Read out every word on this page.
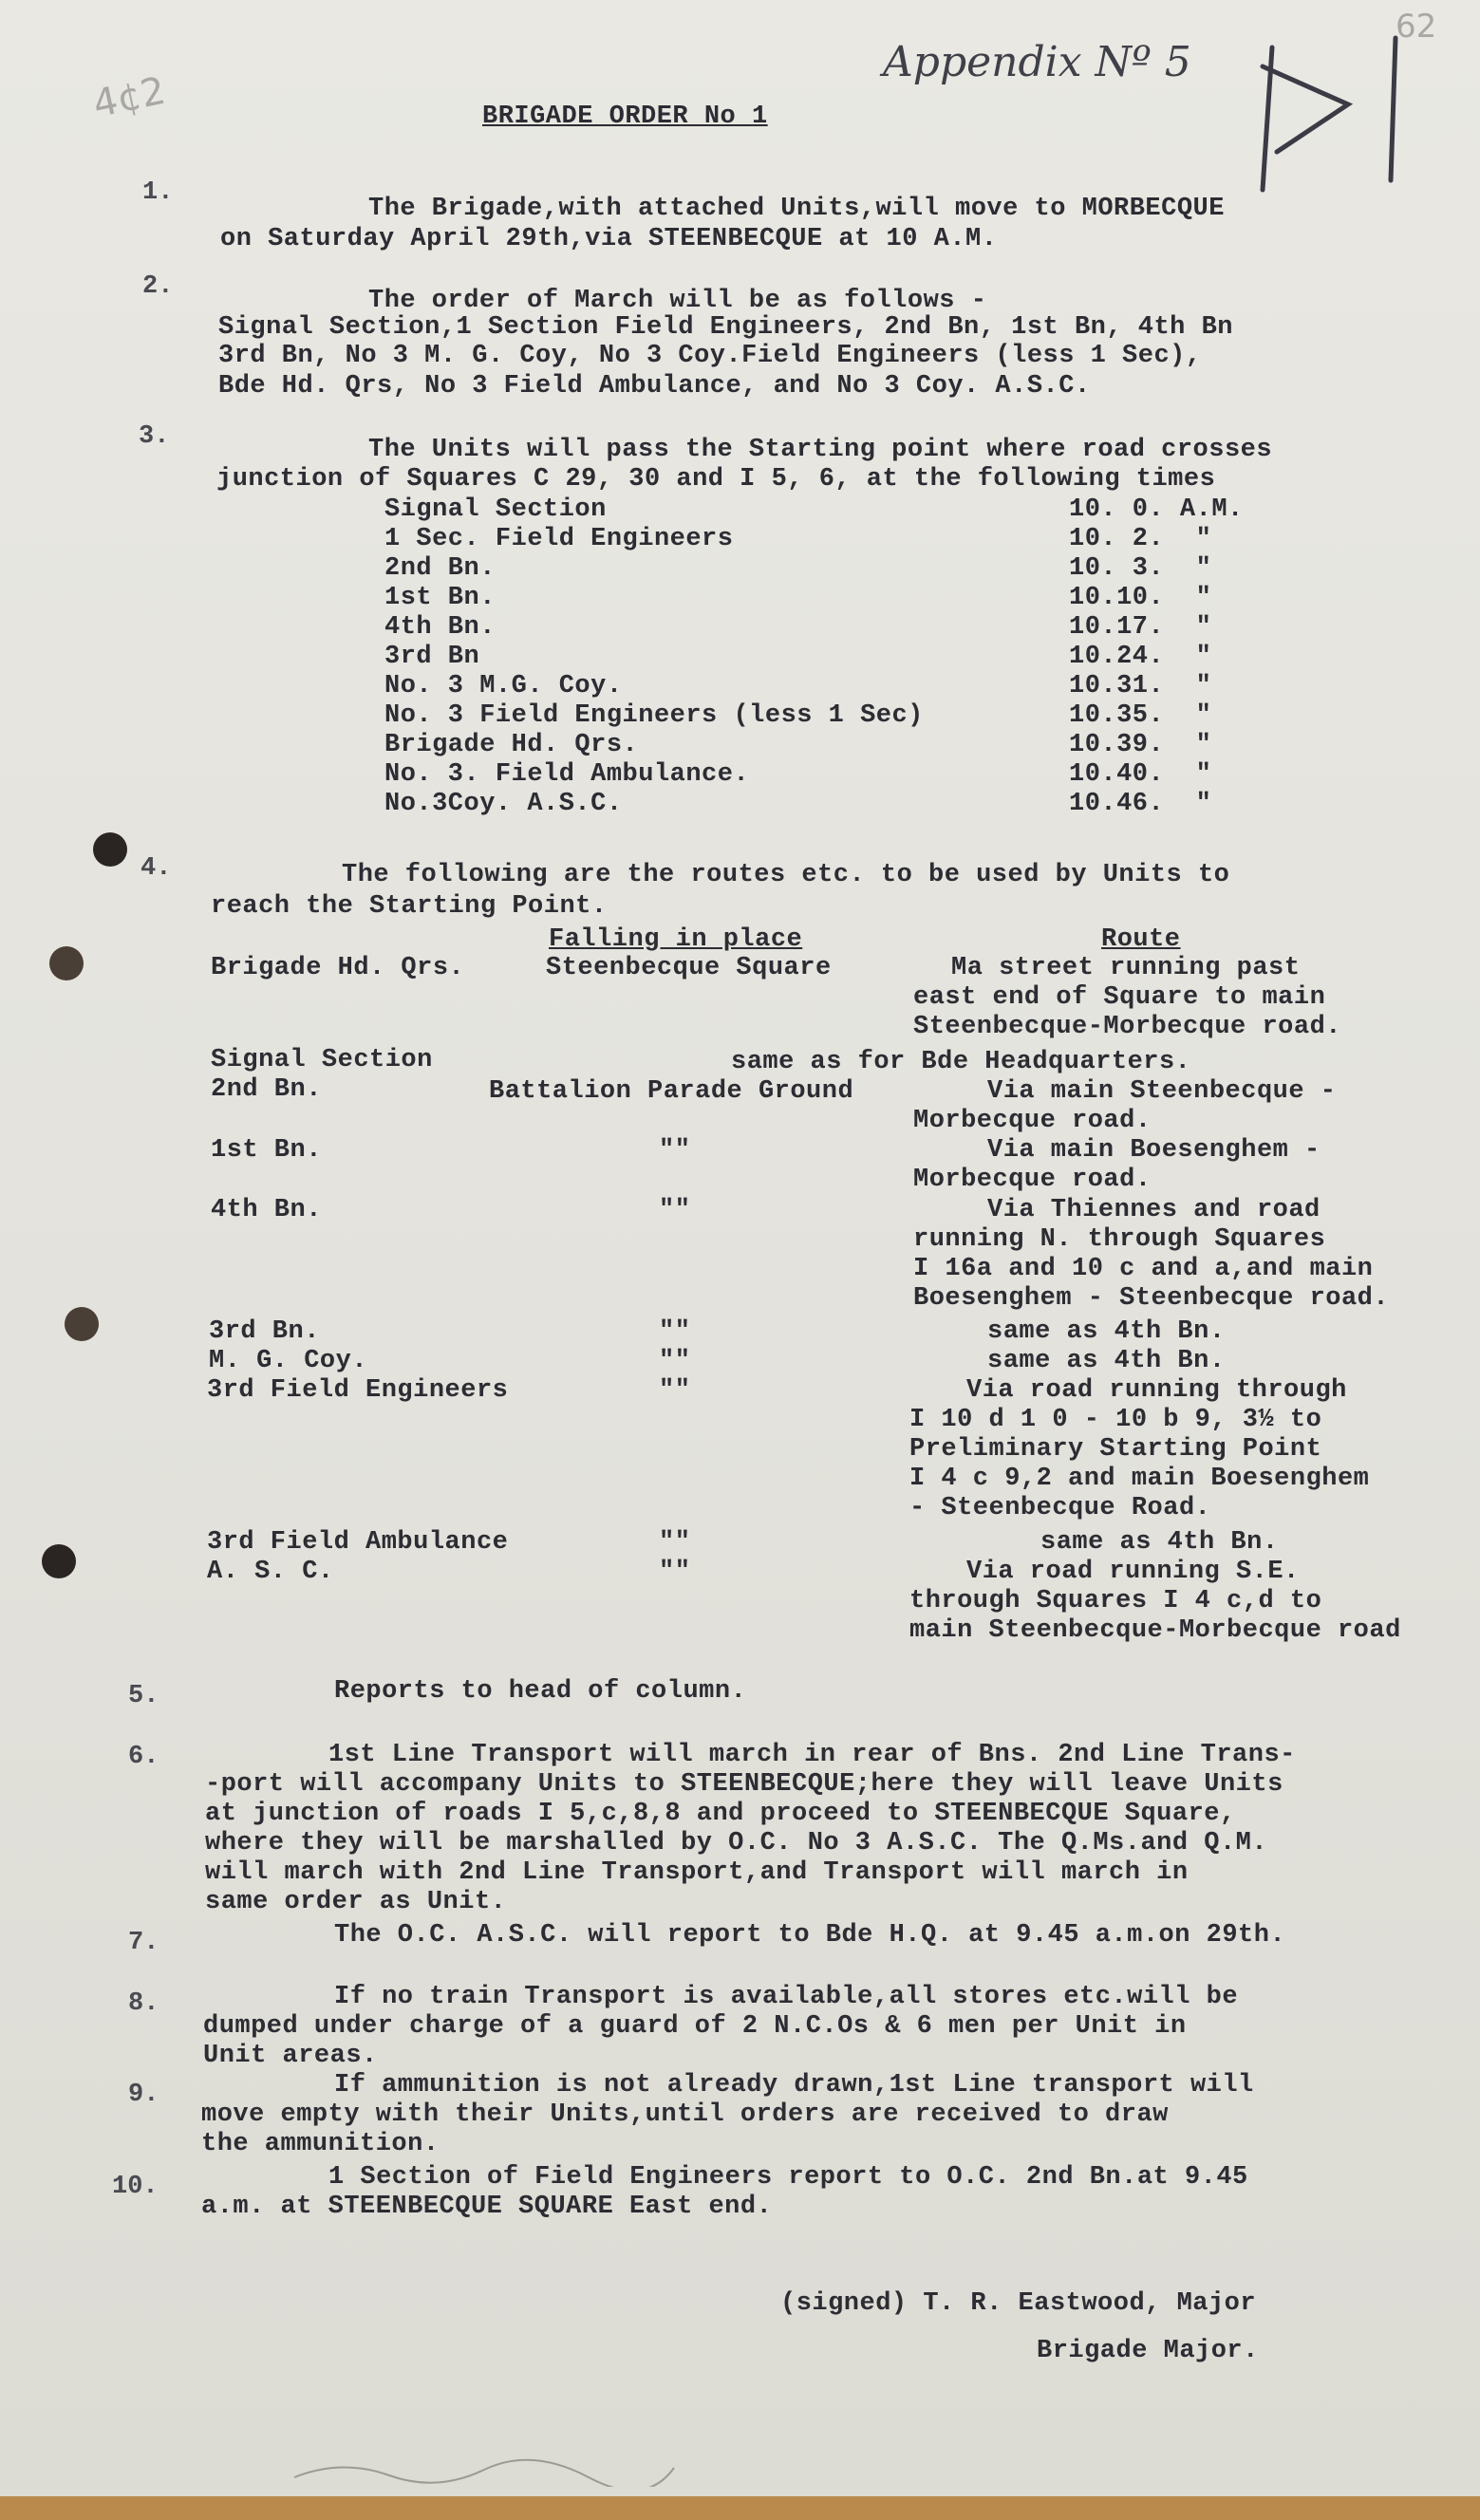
Appendix Nº 5
62
4¢2	BRIGADE ORDER No 1
1.
The Brigade,with attached Units,will move to MORBECQUE
on Saturday April 29th,via STEENBECQUE at 10 A.M.
2.	The order of March will be as follows -
Signal Section,1 Section Field Engineers, 2nd Bn, 1st Bn, 4th Bn
3rd Bn, No 3 M. G. Coy, No 3 Coy.Field Engineers (less 1 Sec),
Bde Hd. Qrs, No 3 Field Ambulance, and No 3 Coy. A.S.C.
3.	The Units will pass the Starting point where road crosses
junction of Squares C 29, 30 and I 5, 6, at the following times
Signal Section	10. 0. A.M.
1 Sec. Field Engineers	10. 2.  "
2nd Bn.	10. 3.  "
1st Bn.	10.10.  "
4th Bn.	10.17.  "
3rd Bn	10.24.  "
No. 3 M.G. Coy.	10.31.  "
No. 3 Field Engineers (less 1 Sec)	10.35.  "
Brigade Hd. Qrs.	10.39.  "
No. 3. Field Ambulance.	10.40.  "
No.3Coy. A.S.C.	10.46.  "
4.	The following are the routes etc. to be used by Units to
reach the Starting Point.
Falling in place	Route
Brigade Hd. Qrs.	Steenbecque Square	Ma street running past
east end of Square to main
Steenbecque-Morbecque road.
Signal Section	same as for Bde Headquarters.
2nd Bn.	Battalion Parade Ground	Via main Steenbecque -
Morbecque road.
1st Bn.	""	Via main Boesenghem -
Morbecque road.
4th Bn.	""	Via Thiennes and road
running N. through Squares
I 16a and 10 c and a,and main
Boesenghem - Steenbecque road.
3rd Bn.	""	same as 4th Bn.
M. G. Coy.	""	same as 4th Bn.
3rd Field Engineers	""	Via road running through
I 10 d 1 0 - 10 b 9, 3½ to
Preliminary Starting Point
I 4 c 9,2 and main Boesenghem
- Steenbecque Road.
3rd Field Ambulance	""	same as 4th Bn.
A. S. C.	""	Via road running S.E.
through Squares I 4 c,d to
main Steenbecque-Morbecque road
5.	Reports to head of column.
6.	1st Line Transport will march in rear of Bns. 2nd Line Trans-
-port will accompany Units to STEENBECQUE;here they will leave Units
at junction of roads I 5,c,8,8 and proceed to STEENBECQUE Square,
where they will be marshalled by O.C. No 3 A.S.C. The Q.Ms.and Q.M.
will march with 2nd Line Transport,and Transport will march in
same order as Unit.
7.	The O.C. A.S.C. will report to Bde H.Q. at 9.45 a.m.on 29th.
8.	If no train Transport is available,all stores etc.will be
dumped under charge of a guard of 2 N.C.Os & 6 men per Unit in
Unit areas.
9.	If ammunition is not already drawn,1st Line transport will
move empty with their Units,until orders are received to draw
the ammunition.
10.	1 Section of Field Engineers report to O.C. 2nd Bn.at 9.45
a.m. at STEENBECQUE SQUARE East end.
(signed) T. R. Eastwood, Major
Brigade Major.
